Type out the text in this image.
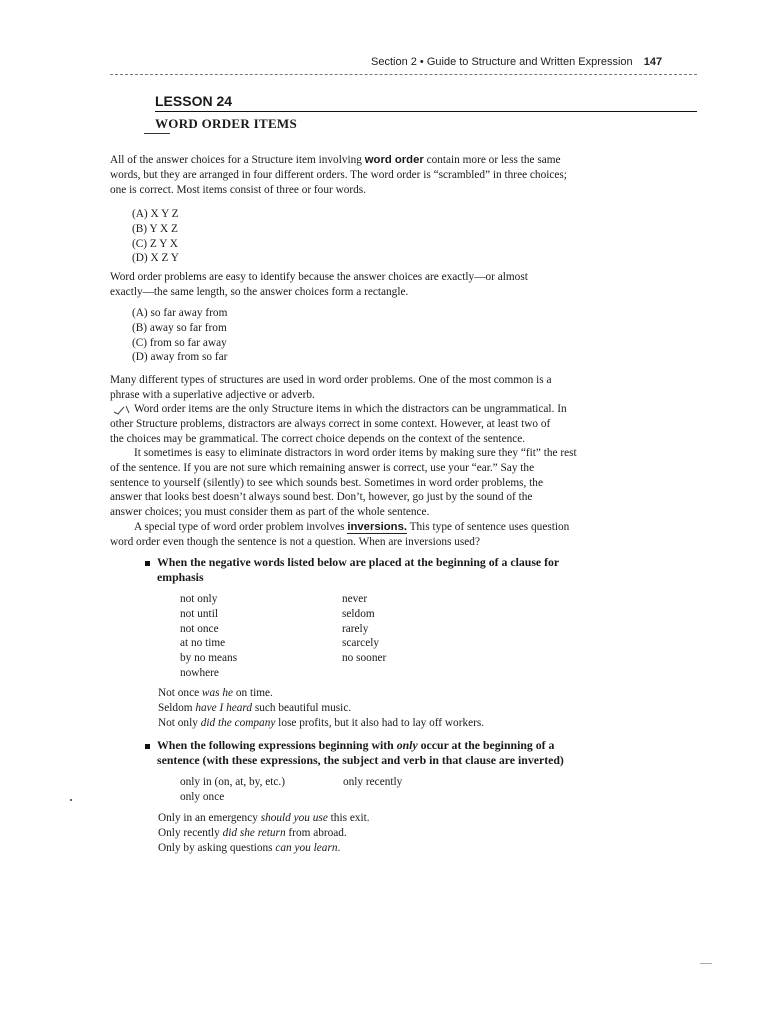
Section 2 • Guide to Structure and Written Expression 147
LESSON 24
WORD ORDER ITEMS
All of the answer choices for a Structure item involving word order contain more or less the same
words, but they are arranged in four different orders. The word order is “scrambled” in three choices;
one is correct. Most items consist of three or four words.
(A) X Y Z
(B) Y X Z
(C) Z Y X
(D) X Z Y
Word order problems are easy to identify because the answer choices are exactly—or almost
exactly—the same length, so the answer choices form a rectangle.
(A) so far away from
(B) away so far from
(C) from so far away
(D) away from so far
Many different types of structures are used in word order problems. One of the most common is a
phrase with a superlative adjective or adverb.
Word order items are the only Structure items in which the distractors can be ungrammatical. In
other Structure problems, distractors are always correct in some context. However, at least two of
the choices may be grammatical. The correct choice depends on the context of the sentence.
It sometimes is easy to eliminate distractors in word order items by making sure they “fit” the rest
of the sentence. If you are not sure which remaining answer is correct, use your “ear.” Say the
sentence to yourself (silently) to see which sounds best. Sometimes in word order problems, the
answer that looks best doesn’t always sound best. Don’t, however, go just by the sound of the
answer choices; you must consider them as part of the whole sentence.
A special type of word order problem involves inversions. This type of sentence uses question
word order even though the sentence is not a question. When are inversions used?
When the negative words listed below are placed at the beginning of a clause for
emphasis
not only
not until
not once
at no time
by no means
nowhere
never
seldom
rarely
scarcely
no sooner
Not once was he on time.
Seldom have I heard such beautiful music.
Not only did the company lose profits, but it also had to lay off workers.
When the following expressions beginning with only occur at the beginning of a
sentence (with these expressions, the subject and verb in that clause are inverted)
only in (on, at, by, etc.)
only once
only recently
Only in an emergency should you use this exit.
Only recently did she return from abroad.
Only by asking questions can you learn.
